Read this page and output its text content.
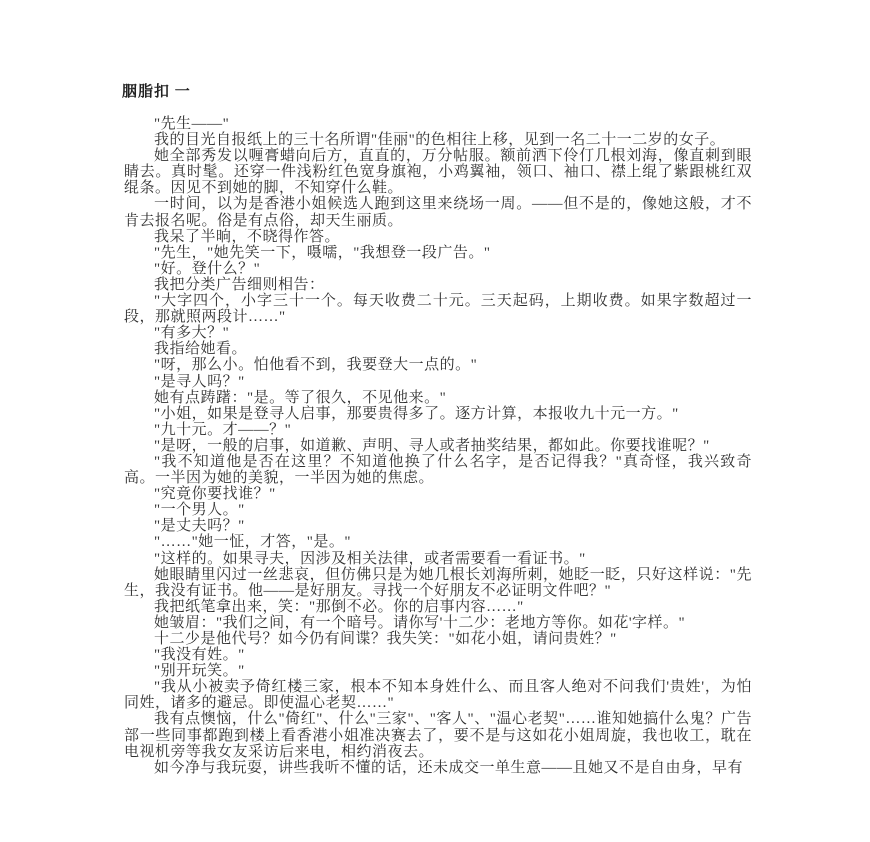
胭脂扣 一

"先生——"

我的目光自报纸上的三十名所谓"佳丽"的色相往上移，见到一名二十一二岁的女子。

她全部秀发以喱膏蜡向后方，直直的，万分帖服。额前洒下伶仃几根刘海，像直刺到眼睛去。真时髦。还穿一件浅粉红色宽身旗袍，小鸡翼袖，领口、袖口、襟上绲了紫跟桃红双绲条。因见不到她的脚，不知穿什么鞋。

一时间，以为是香港小姐候选人跑到这里来绕场一周。——但不是的，像她这般，才不肯去报名呢。俗是有点俗，却天生丽质。

我呆了半晌，不晓得作答。

"先生，"她先笑一下，嗫嚅，"我想登一段广告。"

"好。登什么？"

我把分类广告细则相告：

"大字四个，小字三十一个。每天收费二十元。三天起码，上期收费。如果字数超过一段，那就照两段计……"

"有多大？"

我指给她看。

"呀，那么小。怕他看不到，我要登大一点的。"

"是寻人吗？"

她有点踌躇："是。等了很久，不见他来。"

"小姐，如果是登寻人启事，那要贵得多了。逐方计算，本报收九十元一方。"

"九十元。才——？"

"是呀，一般的启事，如道歉、声明、寻人或者抽奖结果，都如此。你要找谁呢？"

"我不知道他是否在这里？不知道他换了什么名字，是否记得我？"真奇怪，我兴致奇高。一半因为她的美貌，一半因为她的焦虑。

"究竟你要找谁？"

"一个男人。"

"是丈夫吗？"

"……"她一怔，才答，"是。"

"这样的。如果寻夫，因涉及相关法律，或者需要看一看证书。"

她眼睛里闪过一丝悲哀，但仿佛只是为她几根长刘海所刺，她眨一眨，只好这样说："先生，我没有证书。他——是好朋友。寻找一个好朋友不必证明文件吧？"

我把纸笔拿出来，笑："那倒不必。你的启事内容……"

她皱眉："我们之间，有一个暗号。请你写'十二少：老地方等你。如花'字样。"

十二少是他代号？如今仍有间谍？我失笑："如花小姐，请问贵姓？"

"我没有姓。"

"别开玩笑。"

"我从小被卖予倚红楼三家，根本不知本身姓什么、而且客人绝对不问我们'贵姓'，为怕同姓，诸多的避忌。即使温心老契……"

我有点懊恼，什么"倚红"、什么"三家"、"客人"、"温心老契"……谁知她搞什么鬼？广告部一些同事都跑到楼上看香港小姐准决赛去了，要不是与这如花小姐周旋，我也收工，耽在电视机旁等我女友采访后来电，相约消夜去。

如今净与我玩耍，讲些我听不懂的话，还未成交一单生意——且她又不是自由身，早有
